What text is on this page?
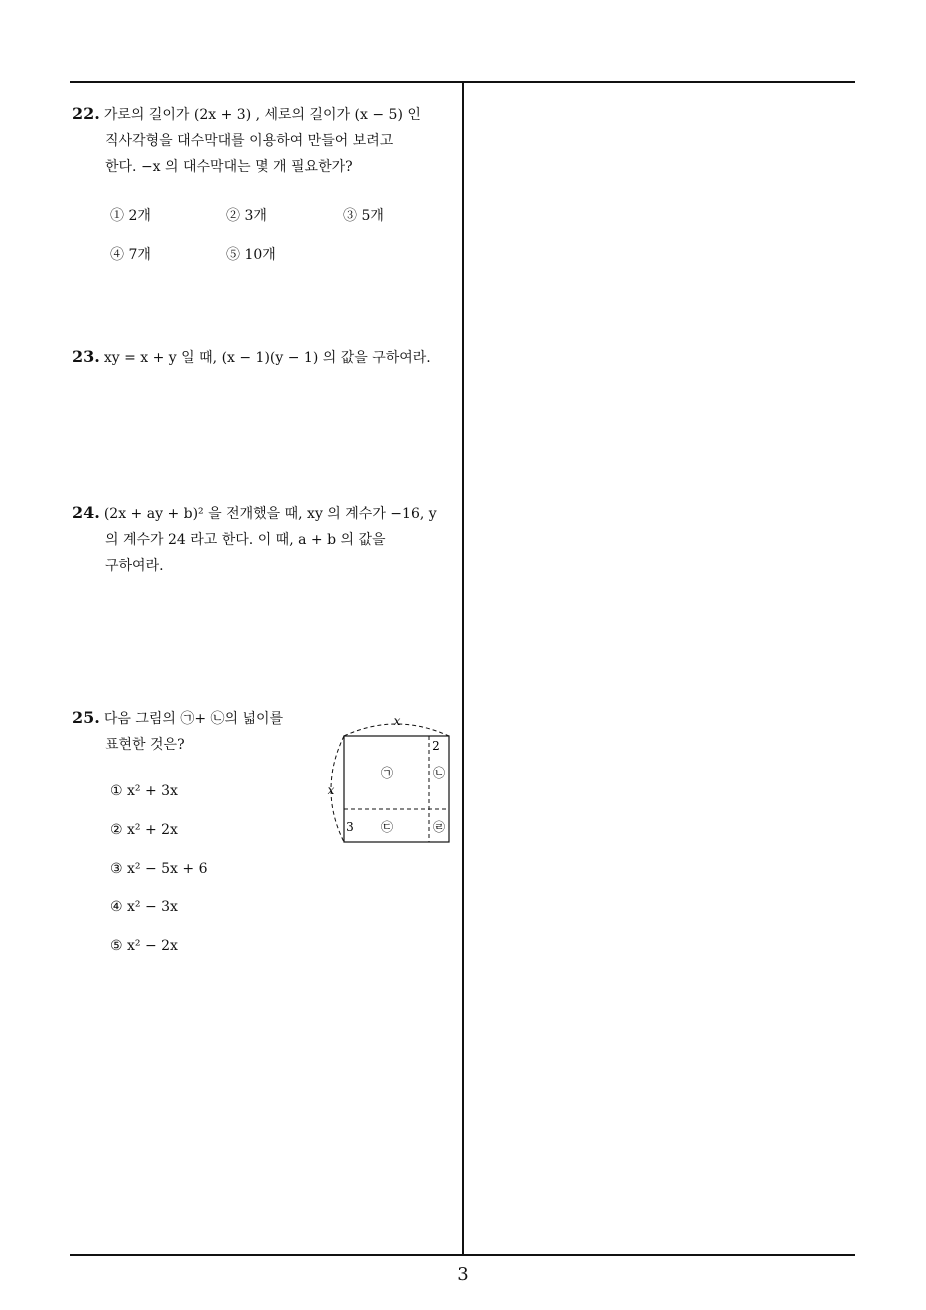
22. 가로의 길이가 (2x + 3) , 세로의 길이가 (x − 5) 인
직사각형을 대수막대를 이용하여 만들어 보려고
한다. −x 의 대수막대는 몇 개 필요한가?
① 2개	② 3개	③ 5개
④ 7개	⑤ 10개
23. xy = x + y 일 때, (x − 1)(y − 1) 의 값을 구하여라.
24. (2x + ay + b)² 을 전개했을 때, xy 의 계수가 −16, y
의 계수가 24 라고 한다. 이 때, a + b 의 값을
구하여라.
25. 다음 그림의 ㉠+ ㉡의 넓이를
표현한 것은?
① x² + 3x
② x² + 2x
③ x² − 5x + 6
④ x² − 3x
⑤ x² − 2x
x
x
2
3
㉠	㉡
㉢	㉣
3
